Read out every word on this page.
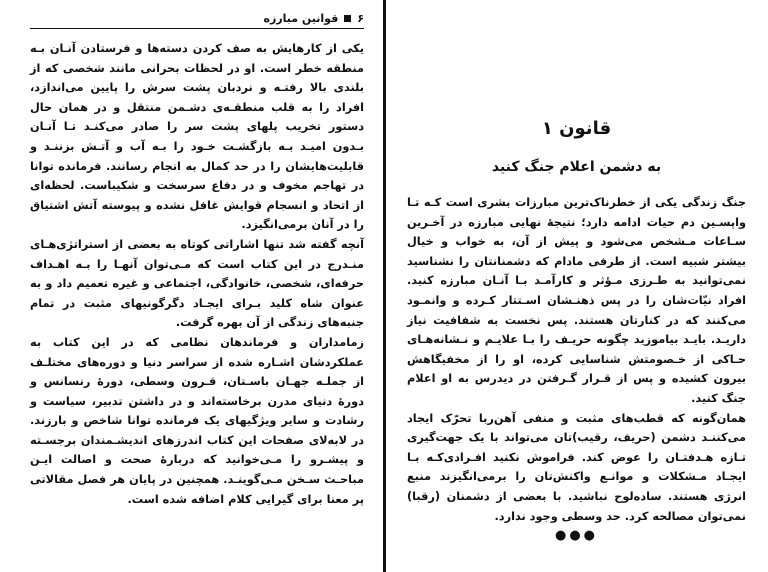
۶
قوانین مبارزه

یکی از کارهایش به صف کردن دسته‌ها و فرستادن آنـان بـه منطقه خطر است. او در لحظات بحرانی مانند شخصی که از بلندی بالا رفتـه و نردبان پشت سرش را پایین می‌اندازد، افراد را به قلب منطقـه‌ی دشـمن منتقل و در همان حال دستور تخریب پلهای پشت سر را صادر می‌کنـد تـا آنـان بـدون امیـد بـه بازگشـت خـود را بـه آب و آتـش بزننـد و قابلیت‌هایشان را در حد کمال به انجام رسانند. فرمانده توانا در تهاجم مخوف و در دفاع سرسخت و شکیباست. لحظه‌ای از اتحاد و انسجام قوایش غافل نشده و پیوسته آتش اشتیاق را در آنان برمی‌انگیزد.

آنچه گفته شد تنها اشاراتی کوتاه به بعضی از استراتژی‌هـای منـدرج در این کتاب است که مـی‌توان آنهـا را بـه اهـداف حرفه‌ای، شخصی، خانوادگی، اجتماعی و غیره تعمیم داد و به عنوان شاه کلید بـرای ایجـاد دگرگونیهای مثبت در تمام جنبه‌های زندگی از آن بهره گرفت.

زمامداران و فرماندهان نظامی که در این کتاب به عملکردشان اشـاره شده از سراسر دنیا و دوره‌های مختلـف از جملـه جهـان باسـتان، قـرون وسطی، دورهٔ رنسانس و دورهٔ دنیای مدرن برخاسته‌اند و در داشتن تدبیر، سیاست و رشادت و سایر ویژگیهای یک فرمانده توانا شاخص و بارزند. در لابه‌لای صفحات این کتاب اندرزهای اندیشـمندان برجسـته و پیشـرو را مـی‌خوانید که دربارهٔ صحت و اصالت ایـن مباحـث سـخن مـی‌گوینـد. همچنین در پایان هر فصل مقالاتی پر معنا برای گیرایی کلام اضافه شده است.

قانون ۱
به دشمن اعلام جنگ کنید

جنگ زندگی یکی از خطرناک‌ترین مبارزات بشری است کـه تـا واپسـین دم حیات ادامه دارد؛ نتیجهٔ نهایی مبارزه در آخـرین سـاعات مـشخص می‌شود و پیش از آن، به خواب و خیال بیشتر شبیه است. از طرفی مادام که دشمنانتان را نشناسید نمی‌توانید به طـرزی مـؤثر و کارآمـد بـا آنـان مبارزه کنید. افراد نیّات‌شان را در پس ذهنـشان اسـتتار کـرده و وانمـود می‌کنند که در کنارتان هستند. پس نخست به شفافیت نیاز داریـد. بایـد بیاموزید چگونه حریـف را بـا علایـم و نـشانه‌هـای حـاکی از خـصومتش شناسایی کرده، او را از مخفیگاهش بیرون کشیده و پس از قـرار گـرفتن در دیدرس به او اعلام جنگ کنید.

همان‌گونه که قطب‌های مثبت و منفی آهن‌ربا تحرّک ایجاد می‌کننـد دشمن (حریف، رقیب)تان می‌تواند با یک جهت‌گیری تـازه هـدفتـان را عوض کند. فراموش نکنید افـرادی‌کـه بـا ایجـاد مـشکلات و موانـع واکنش‌تان را برمی‌انگیزند منبع انرژی هستند. ساده‌لوح نباشید. با بعضی از دشمنان (رقبا) نمی‌توان مصالحه کرد. حد وسطی وجود ندارد.

●●●
